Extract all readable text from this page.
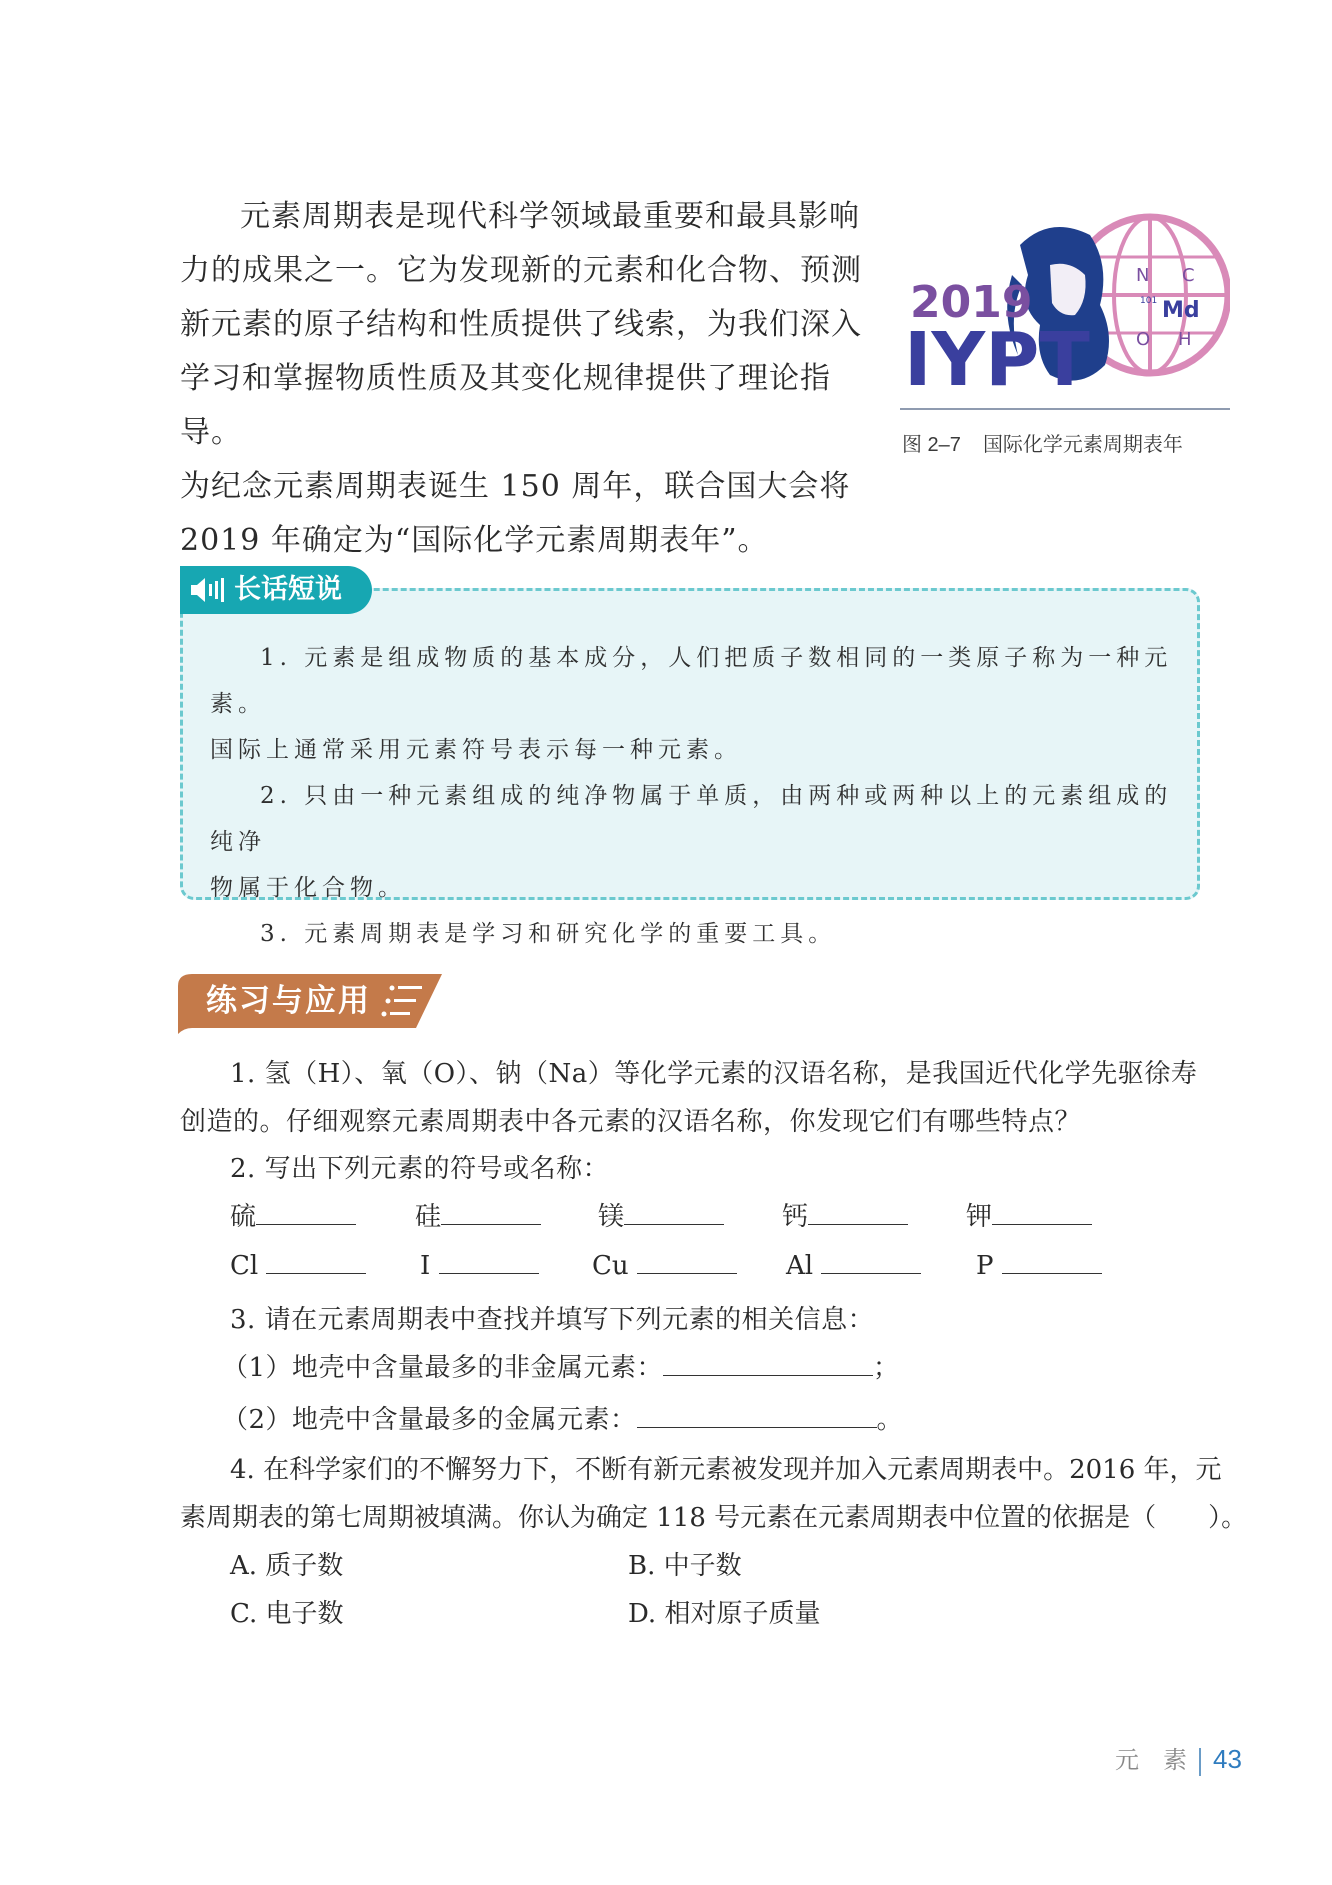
元素周期表是现代科学领域最重要和最具影响

力的成果之一。它为发现新的元素和化合物、预测

新元素的原子结构和性质提供了线索，为我们深入

学习和掌握物质性质及其变化规律提供了理论指导。

为纪念元素周期表诞生 150 周年，联合国大会将

2019 年确定为“国际化学元素周期表年”。

2019
IYPT
Md
101
N C
O H
图 2–7 国际化学元素周期表年
长话短说

1. 元素是组成物质的基本成分，人们把质子数相同的一类原子称为一种元素。

国际上通常采用元素符号表示每一种元素。

2. 只由一种元素组成的纯净物属于单质，由两种或两种以上的元素组成的纯净

物属于化合物。

3. 元素周期表是学习和研究化学的重要工具。

练习与应用

1. 氢（H）、氧（O）、钠（Na）等化学元素的汉语名称，是我国近代化学先驱徐寿

创造的。仔细观察元素周期表中各元素的汉语名称，你发现它们有哪些特点？

2. 写出下列元素的符号或名称：

硫	硅	镁	钙	钾
Cl	I	Cu	Al	P

3. 请在元素周期表中查找并填写下列元素的相关信息：

（1）地壳中含量最多的非金属元素：	；

（2）地壳中含量最多的金属元素：	。

4. 在科学家们的不懈努力下，不断有新元素被发现并加入元素周期表中。2016 年，元

素周期表的第七周期被填满。你认为确定 118 号元素在元素周期表中位置的依据是（　　）。

A. 质子数	B. 中子数
C. 电子数	D. 相对原子质量
元　素 43
